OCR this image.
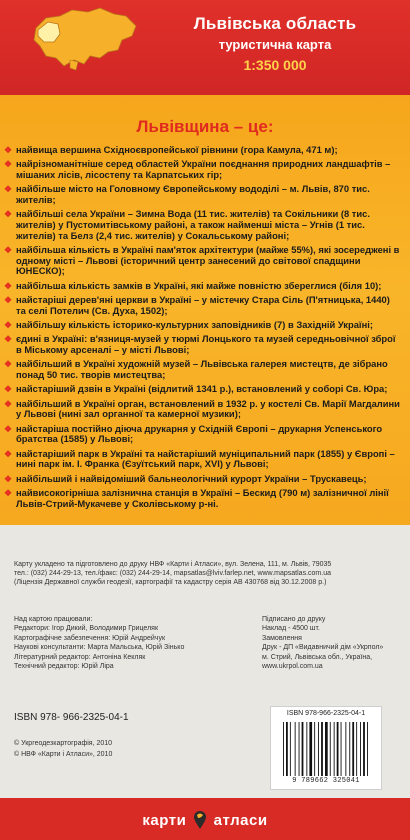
Львівська область
туристична карта
1:350 000
Львівщина – це:
❖ найвища вершина Східноєвропейської рівнини (гора Камула, 471 м);
❖ найрізноманітніше серед областей України поєднання природних ландшафтів – мішаних лісів, лісостепу та Карпатських гір;
❖ найбільше місто на Головному Європейському вододілі – м. Львів, 870 тис. жителів;
❖ найбільші села України – Зимна Вода (11 тис. жителів) та Сокільники (8 тис. жителів) у Пустомитівському районі, а також найменші міста – Угнів (1 тис. жителів) та Белз (2,4 тис. жителів) у Сокальському районі;
❖ найбільша кількість в Україні пам'яток архітектури (майже 55%), які зосереджені в одному місті – Львові (історичний центр занесений до світової спадщини ЮНЕСКО);
❖ найбільша кількість замків в Україні, які майже повністю збереглися (біля 10);
❖ найстаріші дерев'яні церкви в Україні – у містечку Стара Сіль (П'ятницька, 1440) та селі Потелич (Св. Духа, 1502);
❖ найбільшу кількість історико-культурних заповідників (7) в Західній Україні;
❖ єдині в Україні: в'язниця-музей у тюрмі Лонцького та музей середньовічної зброї в Міському арсеналі – у місті Львові;
❖ найбільший в Україні художній музей – Львівська галерея мистецтв, де зібрано понад 50 тис. творів мистецтва;
❖ найстаріший дзвін в Україні (відлитий 1341 р.), встановлений у соборі Св. Юра;
❖ найбільший в Україні орган, встановлений в 1932 р. у костелі Св. Марії Магдалини у Львові (нині зал органної та камерної музики);
❖ найстаріша постійно діюча друкарня у Східній Європі – друкарня Успенського братства (1585) у Львові;
❖ найстаріший парк в Україні та найстаріший муніципальний парк (1855) у Європі – нині парк ім. І. Франка (Єзуїтський парк, XVI) у Львові;
❖ найбільший і найвідоміший бальнеологічний курорт України – Трускавець;
❖ найвисокогірніша залізнична станція в Україні – Бескид (790 м) залізничної лінії Львів-Стрий-Мукачеве у Сколівському р-ні.
Карту укладено та підготовлено до друку НВФ «Карти і Атласи», вул. Зелена, 111, м. Львів, 79035
тел.: (032) 244-29-13, тел./факс: (032) 244-29-14, mapsatlas@lviv.farlep.net, www.mapsatlas.com.ua
(Ліцензія Державної служби геодезії, картографії та кадастру серія АВ 430768 від 30.12.2008 р.)
Над картою працювали:
Редактори: Ігор Дикий, Володимир Грицеляк
Картографічне забезпечення: Юрій Андрейчук
Наукові консультанти: Марта Мальська, Юрій Зінько
Літературний редактор: Антоніна Кекляк
Технічний редактор: Юрій Ліра
Підписано до друку
Наклад - 4500 шт.
Замовлення
Друк - ДП «Видавничий дім «Укрпол»
м. Стрий, Львівська обл., Україна,
www.ukrpol.com.ua
ISBN 978- 966-2325-04-1
© Укргеодезкартографія, 2010
© НВФ «Карти і Атласи», 2010
ISBN 978-966-2325-04-1
9 789662 325041
карти атласи
